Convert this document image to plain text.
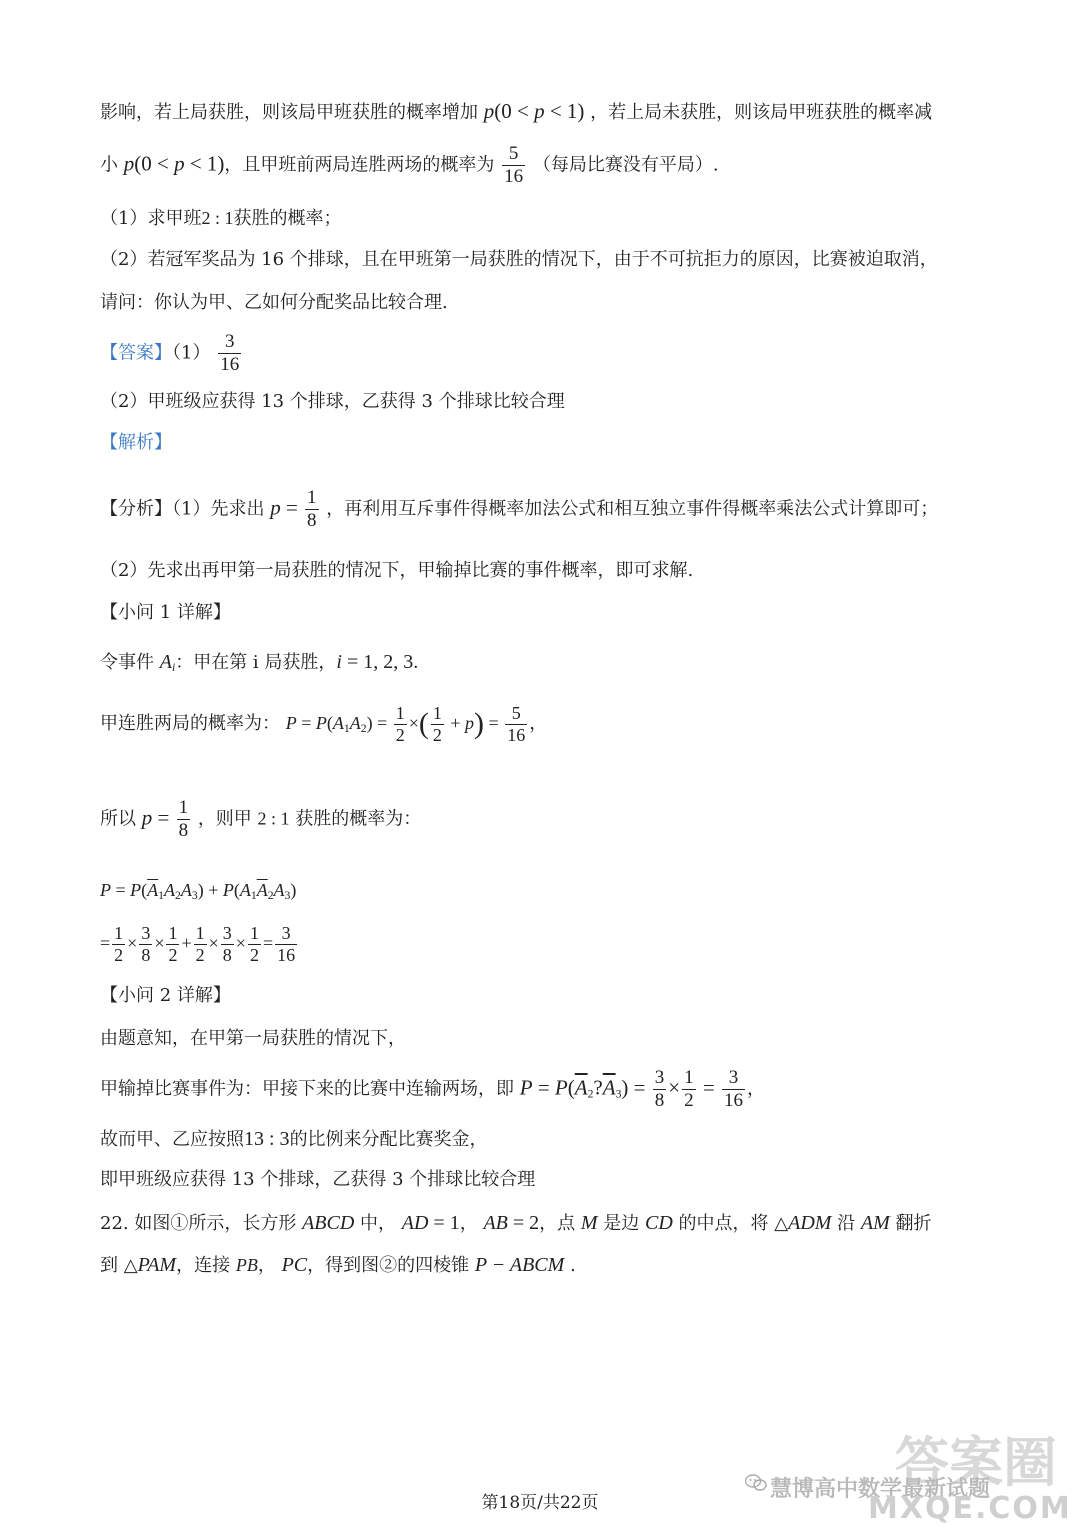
影响，若上局获胜，则该局甲班获胜的概率增加 p(0 < p < 1) ，若上局未获胜，则该局甲班获胜的概率减
小 p(0 < p < 1)，且甲班前两局连胜两场的概率为 $\frac{5}{16}$ （每局比赛没有平局）.
（1）求甲班2 : 1获胜的概率；
（2）若冠军奖品为 16 个排球，且在甲班第一局获胜的情况下，由于不可抗拒力的原因，比赛被迫取消，
请问：你认为甲、乙如何分配奖品比较合理.
【答案】$(1) \frac{3}{16}$
（2）甲班级应获得 13 个排球，乙获得 3 个排球比较合理
【解析】
【分析】（1）先求出 $p = \frac{1}{8}$ ，再利用互斥事件得概率加法公式和相互独立事件得概率乘法公式计算即可；
（2）先求出再甲第一局获胜的情况下，甲输掉比赛的事件概率，即可求解.
【小问 1 详解】
令事件 $A_i$：甲在第 i 局获胜，i = 1, 2, 3.
甲连胜两局的概率为： $P = P(A_1A_2) = \frac{1}{2}$ ×( $\frac{1}{2} + p) = \frac{5}{16}$ ，
所以 $p = \frac{1}{8}$ ，则甲 2 : 1 获胜的概率为：
$P = P(\overline{A}_1A_2A_3) + P(A_1\overline{A}_2A_3)$
= $\frac{1}{2} \times \frac{3}{8} \times \frac{1}{2} + \frac{1}{2} \times \frac{3}{8} \times \frac{1}{2} = \frac{3}{16}$
【小问 2 详解】
由题意知，在甲第一局获胜的情况下，
甲输掉比赛事件为：甲接下来的比赛中连输两场，即 $P = P(\overline{A}_2?\overline{A}_3) = \frac{3}{8} \times \frac{1}{2} = \frac{3}{16}$ ，
故而甲、乙应按照13 : 3的比例来分配比赛奖金，
即甲班级应获得 13 个排球，乙获得 3 个排球比较合理
22. 如图①所示，长方形 ABCD 中， AD = 1， AB = 2，点 M 是边 CD 的中点，将 △ADM 沿 AM 翻折
到 △PAM，连接 PB， PC，得到图②的四棱锥 P − ABCM .
答案圈
慧博高中数学最新试题
MXQE.COM
第18页/共22页
